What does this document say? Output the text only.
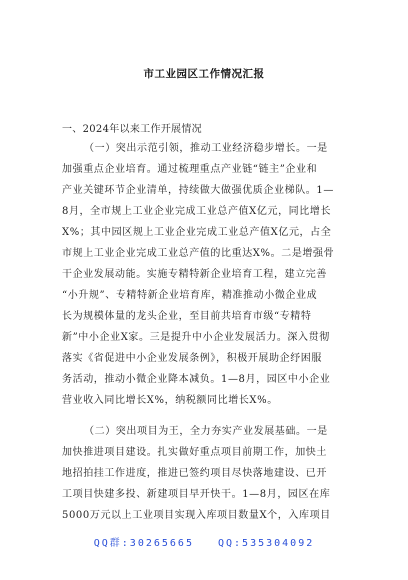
市工业园区工作情况汇报
一、2024年以来工作开展情况
（一）突出示范引领，推动工业经济稳步增长。一是
加强重点企业培育。通过梳理重点产业链“链主”企业和
产业关键环节企业清单，持续做大做强优质企业梯队。1—
8月，全市规上工业企业完成工业总产值X亿元，同比增长
X%；其中园区规上工业企业完成工业总产值X亿元，占全
市规上工业企业完成工业总产值的比重达X%。二是增强骨
干企业发展动能。实施专精特新企业培育工程，建立完善
“小升规”、专精特新企业培育库，精准推动小微企业成
长为规模体量的龙头企业，至目前共培育市级“专精特
新”中小企业X家。三是提升中小企业发展活力。深入贯彻
落实《省促进中小企业发展条例》，积极开展助企纾困服
务活动，推动小微企业降本减负。1—8月，园区中小企业
营业收入同比增长X%，纳税额同比增长X%。
（二）突出项目为王，全力夯实产业发展基础。一是
加快推进项目建设。扎实做好重点项目前期工作，加快土
地招拍挂工作进度，推进已签约项目尽快落地建设、已开
工项目快建多投、新建项目早开快干。1—8月，园区在库
5000万元以上工业项目实现入库项目数量X个，入库项目
QQ群:30265665 QQ:535304092
